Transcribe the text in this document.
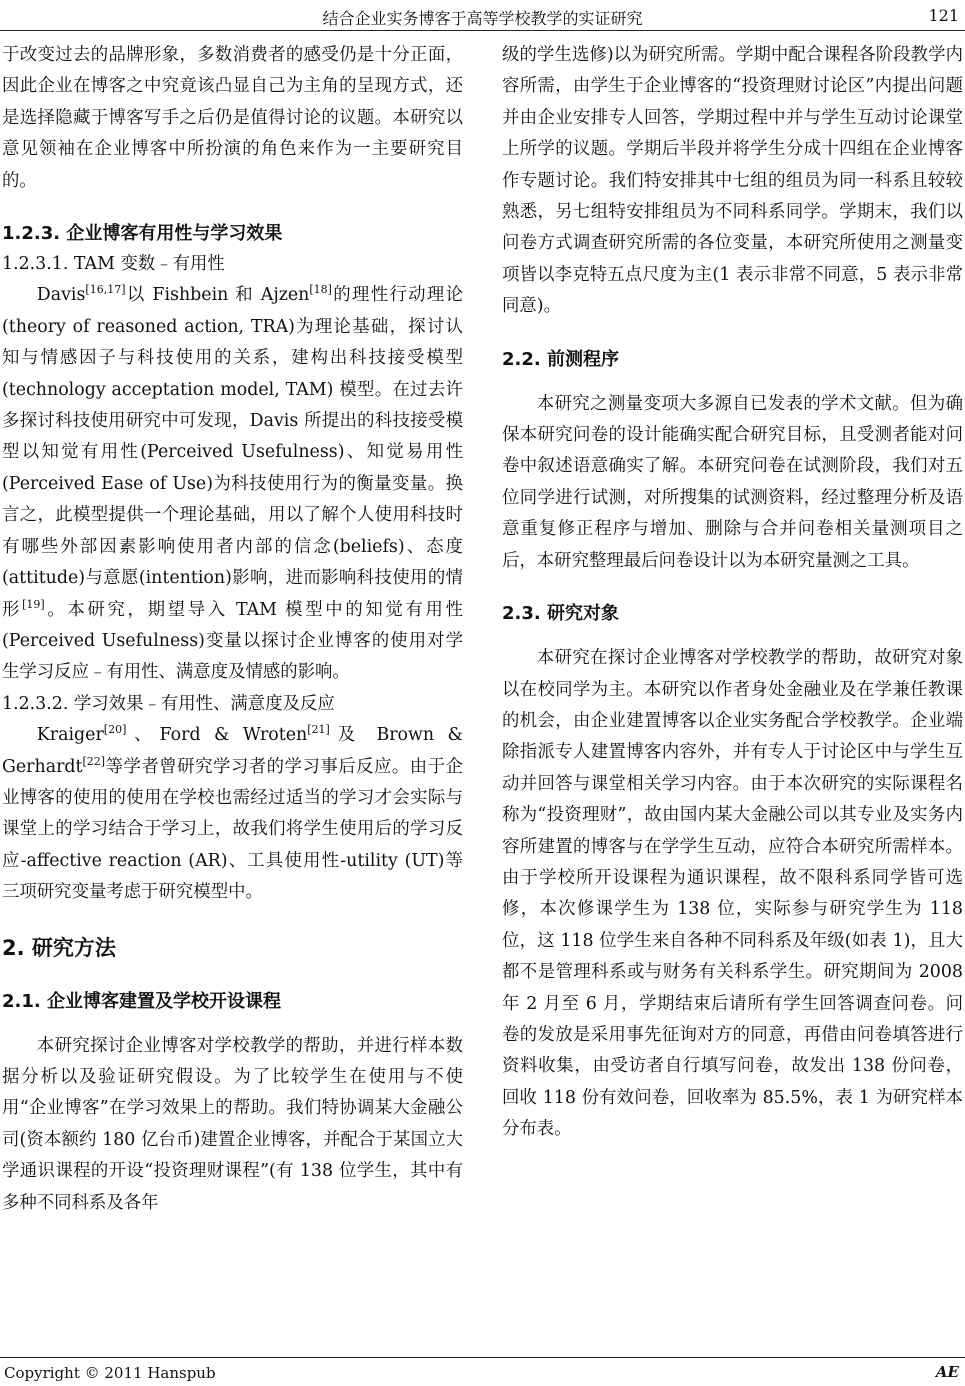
结合企业实务博客于高等学校教学的实证研究	121

于改变过去的品牌形象，多数消费者的感受仍是十分正面，因此企业在博客之中究竟该凸显自己为主角的呈现方式，还是选择隐藏于博客写手之后仍是值得讨论的议题。本研究以意见领袖在企业博客中所扮演的角色来作为一主要研究目的。

1.2.3. 企业博客有用性与学习效果

1.2.3.1. TAM 变数﹣有用性

Davis[16,17]以 Fishbein 和 Ajzen[18]的理性行动理论(theory of reasoned action, TRA)为理论基础，探讨认知与情感因子与科技使用的关系，建构出科技接受模型(technology acceptation model, TAM) 模型。在过去许多探讨科技使用研究中可发现，Davis 所提出的科技接受模型以知觉有用性(Perceived Usefulness)、知觉易用性(Perceived Ease of Use)为科技使用行为的衡量变量。换言之，此模型提供一个理论基础，用以了解个人使用科技时有哪些外部因素影响使用者内部的信念(beliefs)、态度(attitude)与意愿(intention)影响，进而影响科技使用的情形[19]。本研究，期望导入 TAM 模型中的知觉有用性(Perceived Usefulness)变量以探讨企业博客的使用对学生学习反应﹣有用性、满意度及情感的影响。

1.2.3.2. 学习效果﹣有用性、满意度及反应

Kraiger[20]、Ford & Wroten[21]及 Brown & Gerhardt[22]等学者曾研究学习者的学习事后反应。由于企业博客的使用的使用在学校也需经过适当的学习才会实际与课堂上的学习结合于学习上，故我们将学生使用后的学习反应-affective reaction (AR)、工具使用性-utility (UT)等三项研究变量考虑于研究模型中。

2. 研究方法
2.1. 企业博客建置及学校开设课程

本研究探讨企业博客对学校教学的帮助，并进行样本数据分析以及验证研究假设。为了比较学生在使用与不使用“企业博客”在学习效果上的帮助。我们特协调某大金融公司(资本额约 180 亿台币)建置企业博客，并配合于某国立大学通识课程的开设“投资理财课程”(有 138 位学生，其中有多种不同科系及各年

级的学生选修)以为研究所需。学期中配合课程各阶段教学内容所需，由学生于企业博客的“投资理财讨论区”内提出问题并由企业安排专人回答，学期过程中并与学生互动讨论课堂上所学的议题。学期后半段并将学生分成十四组在企业博客作专题讨论。我们特安排其中七组的组员为同一科系且较较熟悉，另七组特安排组员为不同科系同学。学期末，我们以问卷方式调查研究所需的各位变量，本研究所使用之测量变项皆以李克特五点尺度为主(1 表示非常不同意，5 表示非常同意)。

2.2. 前测程序

本研究之测量变项大多源自已发表的学术文献。但为确保本研究问卷的设计能确实配合研究目标，且受测者能对问卷中叙述语意确实了解。本研究问卷在试测阶段，我们对五位同学进行试测，对所搜集的试测资料，经过整理分析及语意重复修正程序与增加、删除与合并问卷相关量测项目之后，本研究整理最后问卷设计以为本研究量测之工具。

2.3. 研究对象

本研究在探讨企业博客对学校教学的帮助，故研究对象以在校同学为主。本研究以作者身处金融业及在学兼任教课的机会，由企业建置博客以企业实务配合学校教学。企业端除指派专人建置博客内容外，并有专人于讨论区中与学生互动并回答与课堂相关学习内容。由于本次研究的实际课程名称为“投资理财”，故由国内某大金融公司以其专业及实务内容所建置的博客与在学学生互动，应符合本研究所需样本。由于学校所开设课程为通识课程，故不限科系同学皆可选修，本次修课学生为 138 位，实际参与研究学生为 118 位，这 118 位学生来自各种不同科系及年级(如表 1)，且大都不是管理科系或与财务有关科系学生。研究期间为 2008 年 2 月至 6 月，学期结束后请所有学生回答调查问卷。问卷的发放是采用事先征询对方的同意，再借由问卷填答进行资料收集，由受访者自行填写问卷，故发出 138 份问卷，回收 118 份有效问卷，回收率为 85.5%，表 1 为研究样本分布表。

Copyright © 2011 Hanspub	AE
